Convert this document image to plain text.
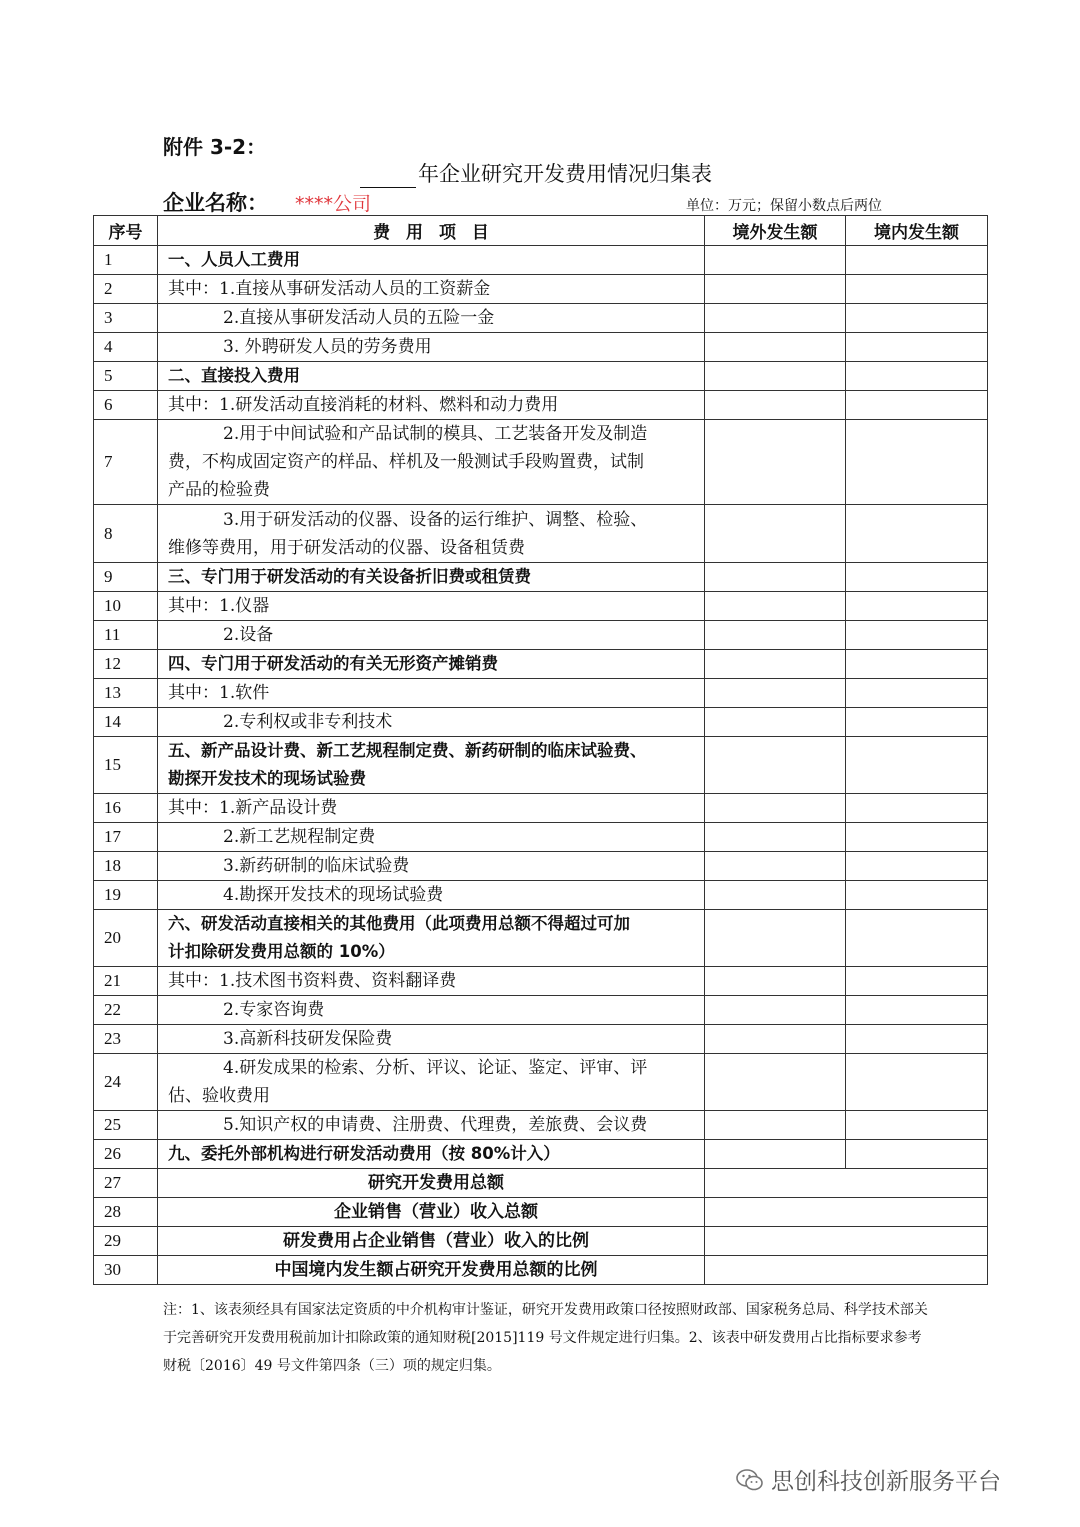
附件 3-2：
年企业研究开发费用情况归集表
企业名称： ****公司	单位：万元；保留小数点后两位
序号	费 用 项 目	境外发生额	境内发生额
1	一、人员人工费用		

2	其中：1.直接从事研发活动人员的工资薪金		

3	2.直接从事研发活动人员的五险一金		

4	3. 外聘研发人员的劳务费用		

5	二、直接投入费用		

6	其中：1.研发活动直接消耗的材料、燃料和动力费用		

7	2.用于中间试验和产品试制的模具、工艺装备开发及制造
费，不构成固定资产的样品、样机及一般测试手段购置费，试制
产品的检验费		

8	3.用于研发活动的仪器、设备的运行维护、调整、检验、
维修等费用，用于研发活动的仪器、设备租赁费		

9	三、专门用于研发活动的有关设备折旧费或租赁费		

10	其中：1.仪器		

11	2.设备		

12	四、专门用于研发活动的有关无形资产摊销费		

13	其中：1.软件		

14	2.专利权或非专利技术		

15	五、新产品设计费、新工艺规程制定费、新药研制的临床试验费、
勘探开发技术的现场试验费		

16	其中：1.新产品设计费		

17	2.新工艺规程制定费		

18	3.新药研制的临床试验费		

19	4.勘探开发技术的现场试验费		

20	六、研发活动直接相关的其他费用（此项费用总额不得超过可加
计扣除研发费用总额的 10%）		

21	其中：1.技术图书资料费、资料翻译费		

22	2.专家咨询费		

23	3.高新科技研发保险费		

24	4.研发成果的检索、分析、评议、论证、鉴定、评审、评
估、验收费用		

25	5.知识产权的申请费、注册费、代理费，差旅费、会议费		

26	九、委托外部机构进行研发活动费用（按 80%计入）		

27	研究开发费用总额		

28	企业销售（营业）收入总额		

29	研发费用占企业销售（营业）收入的比例		

30	中国境内发生额占研究开发费用总额的比例		

注：1、该表须经具有国家法定资质的中介机构审计鉴证，研究开发费用政策口径按照财政部、国家税务总局、科学技术部关于完善研究开发费用税前加计扣除政策的通知财税[2015]119 号文件规定进行归集。2、该表中研发费用占比指标要求参考财税〔2016〕49 号文件第四条（三）项的规定归集。
思创科技创新服务平台
